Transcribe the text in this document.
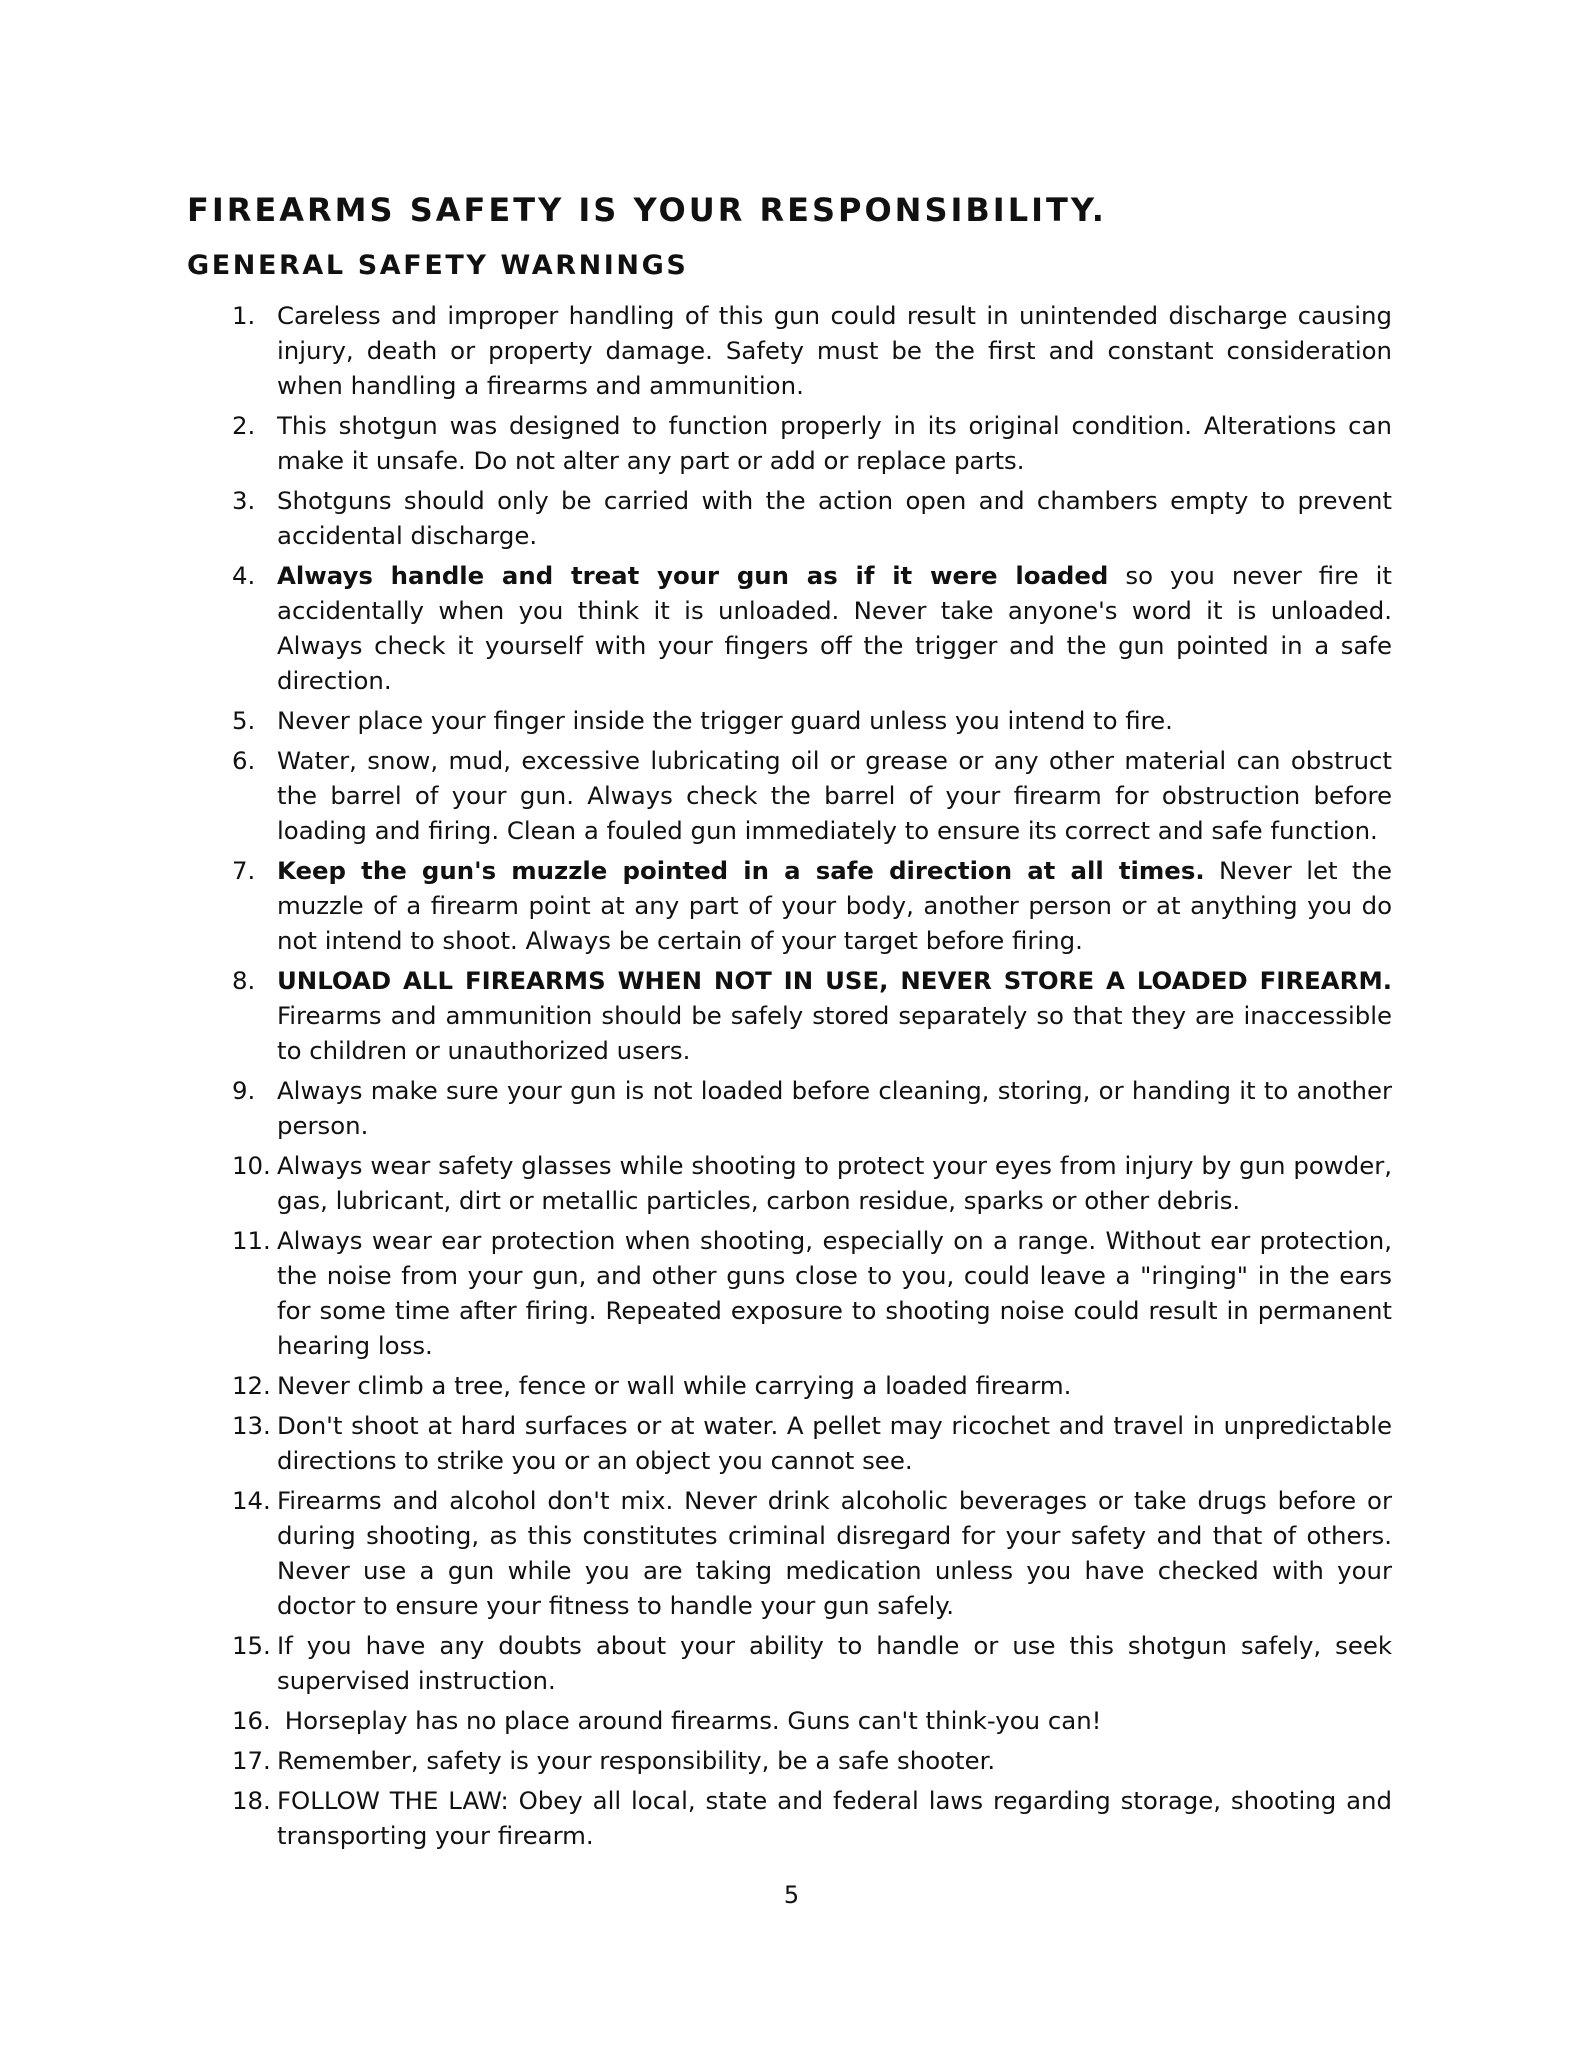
FIREARMS SAFETY IS YOUR RESPONSIBILITY.
GENERAL SAFETY WARNINGS
1. Careless and improper handling of this gun could result in unintended discharge causing injury, death or property damage. Safety must be the first and constant consideration when handling a firearms and ammunition.
2. This shotgun was designed to function properly in its original condition. Alterations can make it unsafe. Do not alter any part or add or replace parts.
3. Shotguns should only be carried with the action open and chambers empty to prevent accidental discharge.
4. Always handle and treat your gun as if it were loaded so you never fire it accidentally when you think it is unloaded. Never take anyone's word it is unloaded. Always check it yourself with your fingers off the trigger and the gun pointed in a safe direction.
5. Never place your finger inside the trigger guard unless you intend to fire.
6. Water, snow, mud, excessive lubricating oil or grease or any other material can obstruct the barrel of your gun. Always check the barrel of your firearm for obstruction before loading and firing. Clean a fouled gun immediately to ensure its correct and safe function.
7. Keep the gun's muzzle pointed in a safe direction at all times. Never let the muzzle of a firearm point at any part of your body, another person or at anything you do not intend to shoot. Always be certain of your target before firing.
8. UNLOAD ALL FIREARMS WHEN NOT IN USE, NEVER STORE A LOADED FIREARM. Firearms and ammunition should be safely stored separately so that they are inaccessible to children or unauthorized users.
9. Always make sure your gun is not loaded before cleaning, storing, or handing it to another person.
10. Always wear safety glasses while shooting to protect your eyes from injury by gun powder, gas, lubricant, dirt or metallic particles, carbon residue, sparks or other debris.
11. Always wear ear protection when shooting, especially on a range. Without ear protection, the noise from your gun, and other guns close to you, could leave a "ringing" in the ears for some time after firing. Repeated exposure to shooting noise could result in permanent hearing loss.
12. Never climb a tree, fence or wall while carrying a loaded firearm.
13. Don't shoot at hard surfaces or at water. A pellet may ricochet and travel in unpredictable directions to strike you or an object you cannot see.
14. Firearms and alcohol don't mix. Never drink alcoholic beverages or take drugs before or during shooting, as this constitutes criminal disregard for your safety and that of others. Never use a gun while you are taking medication unless you have checked with your doctor to ensure your fitness to handle your gun safely.
15. If you have any doubts about your ability to handle or use this shotgun safely, seek supervised instruction.
16. Horseplay has no place around firearms. Guns can't think-you can!
17. Remember, safety is your responsibility, be a safe shooter.
18. FOLLOW THE LAW: Obey all local, state and federal laws regarding storage, shooting and transporting your firearm.
5
